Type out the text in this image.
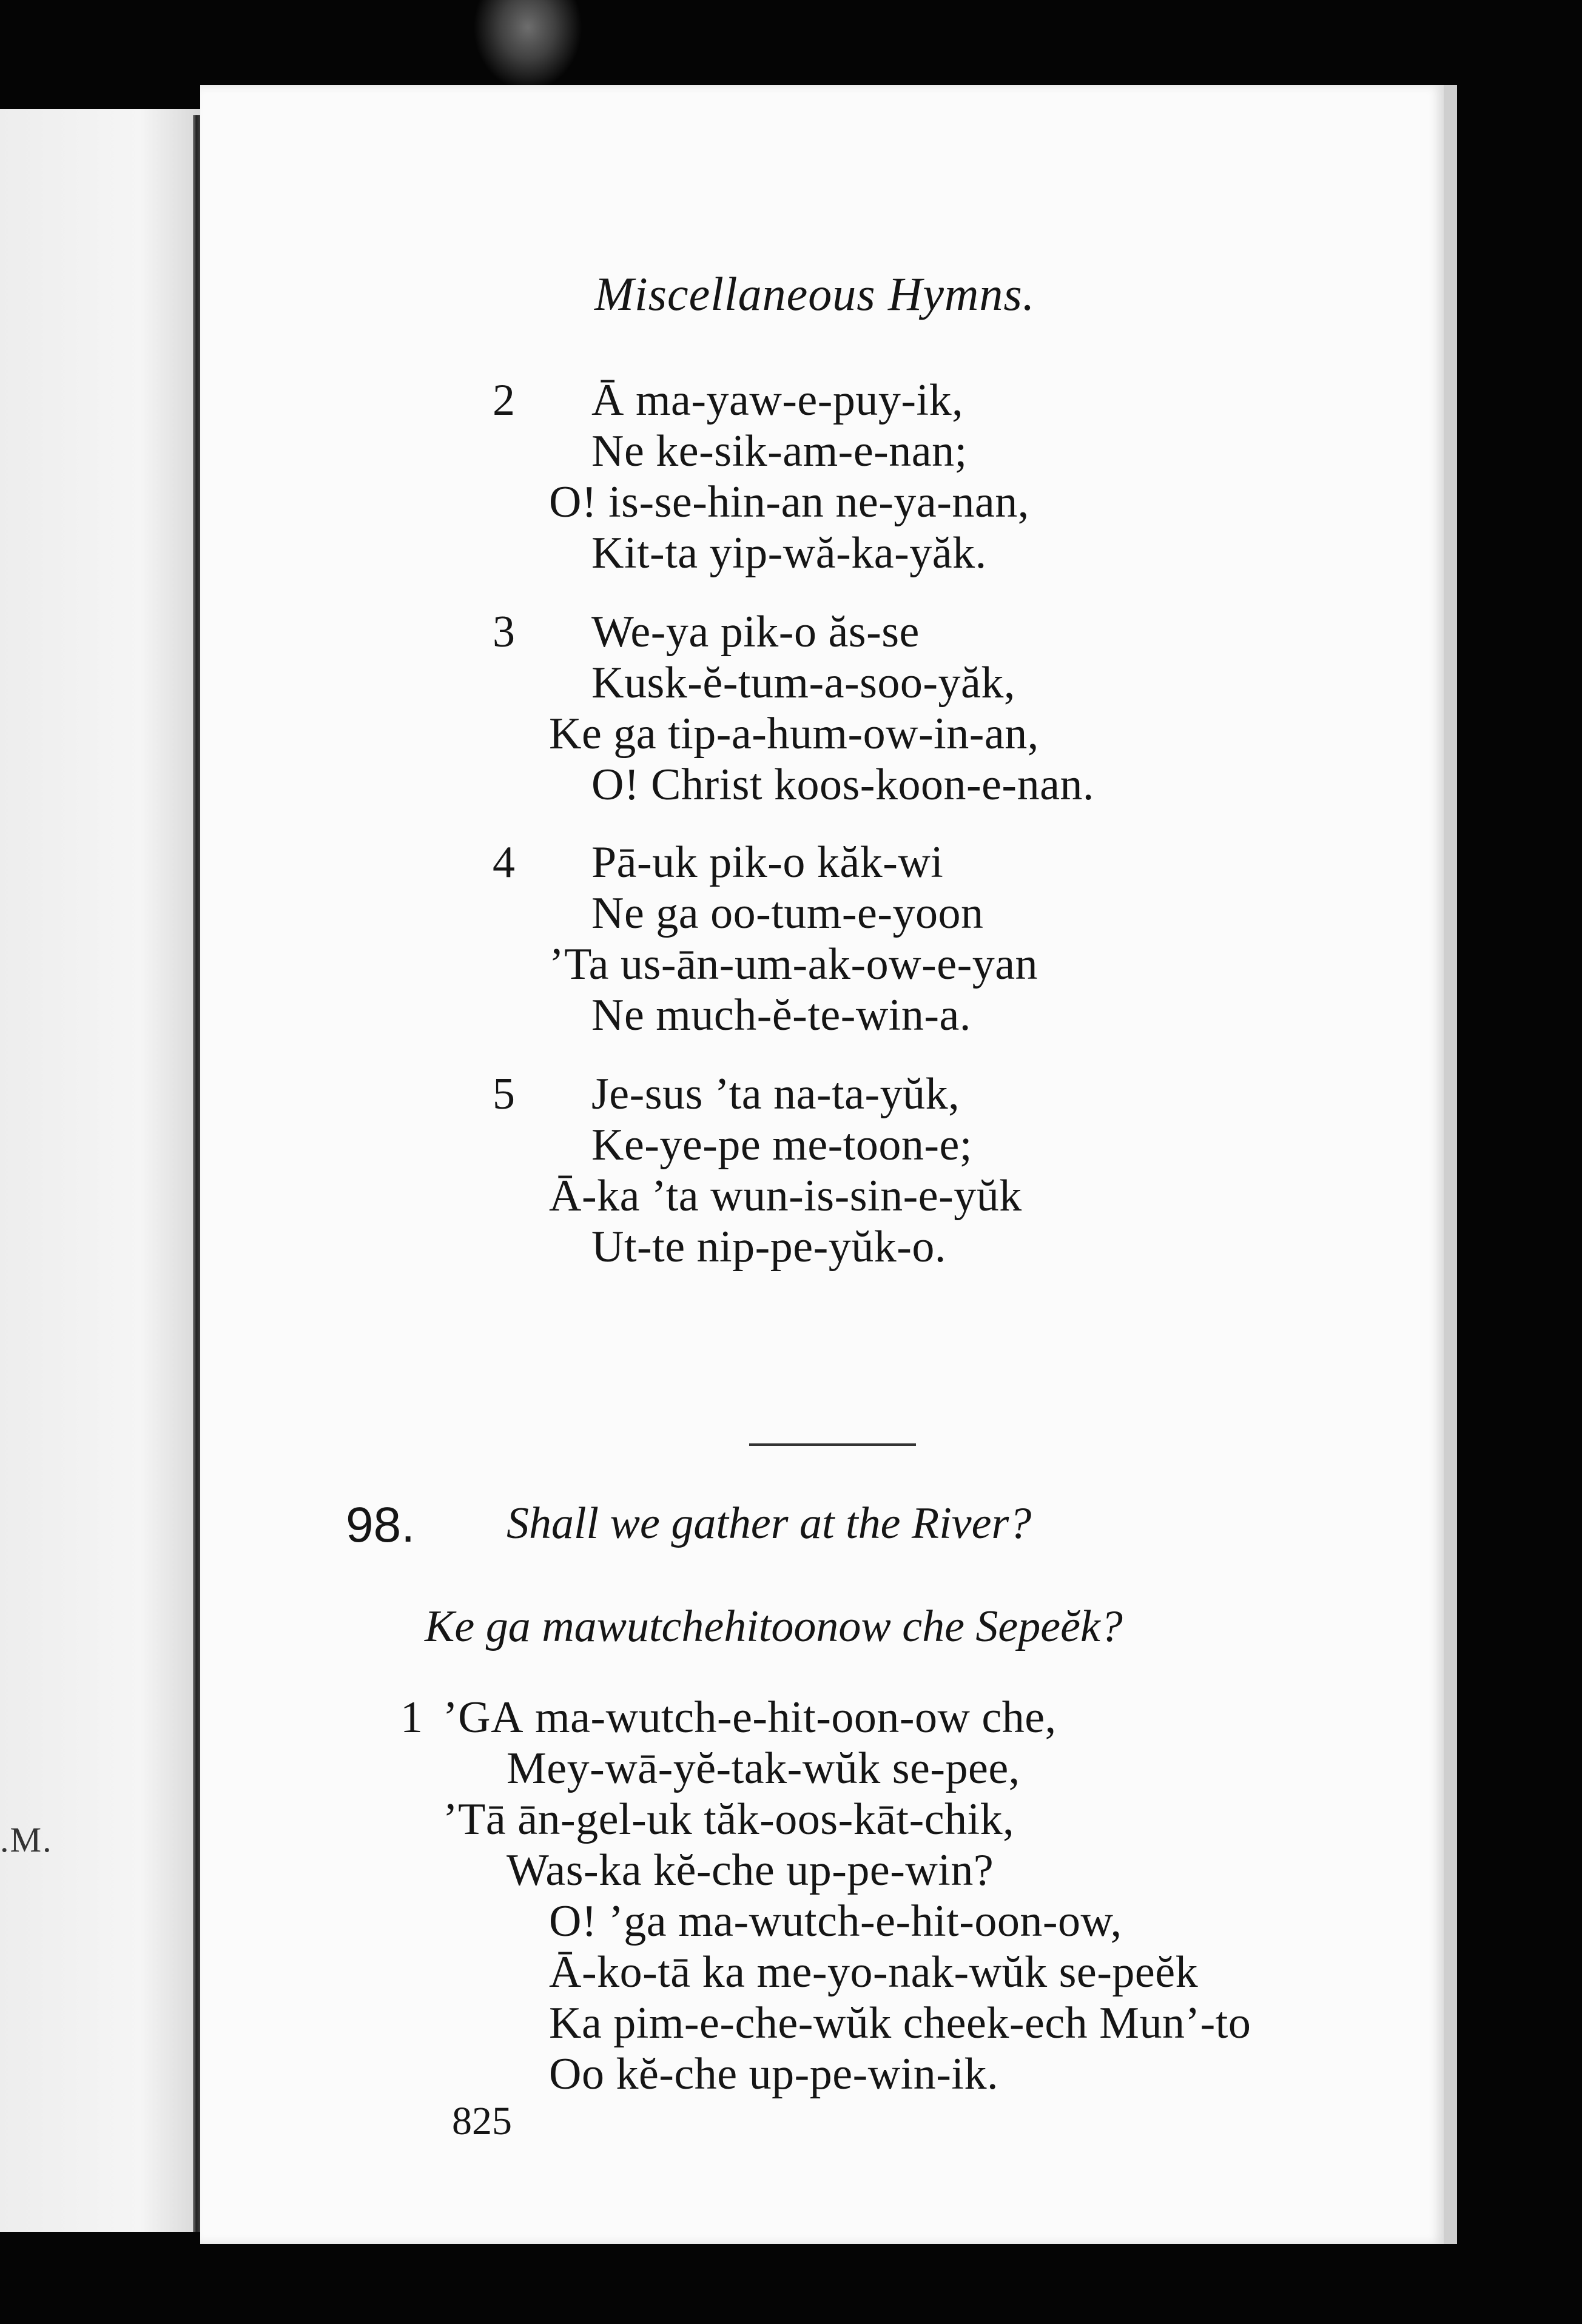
.M.
Miscellaneous Hymns.
2 Ā ma-yaw-e-puy-ik,
Ne ke-sik-am-e-nan;
O! is-se-hin-an ne-ya-nan,
Kit-ta yip-wă-ka-yăk.
3 We-ya pik-o ăs-se
Kusk-ĕ-tum-a-soo-yăk,
Ke ga tip-a-hum-ow-in-an,
O! Christ koos-koon-e-nan.
4 Pā-uk pik-o kăk-wi
Ne ga oo-tum-e-yoon
’Ta us-ān-um-ak-ow-e-yan
Ne much-ĕ-te-win-a.
5 Je-sus ’ta na-ta-yŭk,
Ke-ye-pe me-toon-e;
Ā-ka ’ta wun-is-sin-e-yŭk
Ut-te nip-pe-yŭk-o.
98. Shall we gather at the River?
Ke ga mawutchehitoonow che Sepeĕk?
1 ’GA ma-wutch-e-hit-oon-ow che,
Mey-wā-yĕ-tak-wŭk se-pee,
’Tā ān-gel-uk tăk-oos-kāt-chik,
Was-ka kĕ-che up-pe-win?
O! ’ga ma-wutch-e-hit-oon-ow,
Ā-ko-tā ka me-yo-nak-wŭk se-peĕk
Ka pim-e-che-wŭk cheek-ech Mun’-to
Oo kĕ-che up-pe-win-ik.
825
